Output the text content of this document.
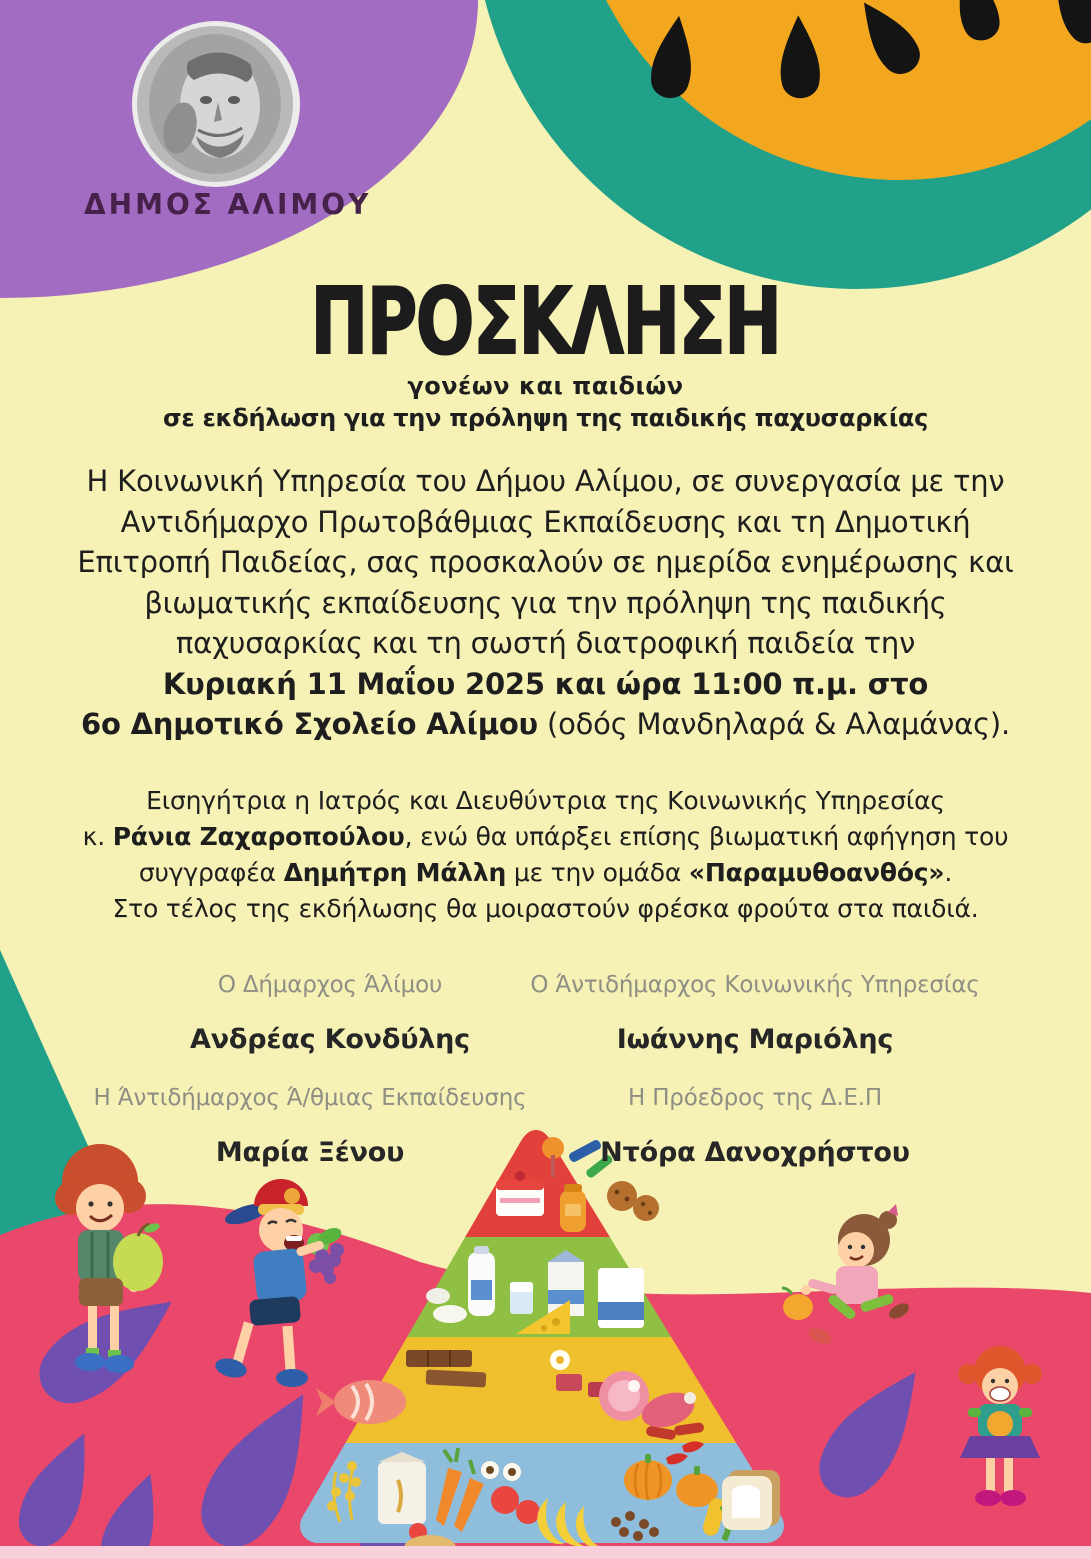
ΔΗΜΟΣ ΑΛΙΜΟΥ
ΠΡΟΣΚΛΗΣΗ
γονέων και παιδιών
σε εκδήλωση για την πρόληψη της παιδικής παχυσαρκίας
Η Κοινωνική Υπηρεσία του Δήμου Αλίμου, σε συνεργασία με την
Αντιδήμαρχο Πρωτοβάθμιας Εκπαίδευσης και τη Δημοτική
Επιτροπή Παιδείας, σας προσκαλούν σε ημερίδα ενημέρωσης και
βιωματικής εκπαίδευσης για την πρόληψη της παιδικής
παχυσαρκίας και τη σωστή διατροφική παιδεία την
Κυριακή 11 Μαΐου 2025 και ώρα 11:00 π.μ. στο
6ο Δημοτικό Σχολείο Αλίμου (οδός Μανδηλαρά & Αλαμάνας).
Εισηγήτρια η Ιατρός και Διευθύντρια της Κοινωνικής Υπηρεσίας
κ. Ράνια Ζαχαροπούλου, ενώ θα υπάρξει επίσης βιωματική αφήγηση του
συγγραφέα Δημήτρη Μάλλη με την ομάδα «Παραμυθοανθός».
Στο τέλος της εκδήλωσης θα μοιραστούν φρέσκα φρούτα στα παιδιά.
Ο Δήμαρχος Άλίμου
Ανδρέας Κονδύλης
Ο Άντιδήμαρχος Κοινωνικής Υπηρεσίας
Ιωάννης Μαριόλης
Η Άντιδήμαρχος Ά/θμιας Εκπαίδευσης
Μαρία Ξένου
Η Πρόεδρος της Δ.Ε.Π
Ντόρα Δανοχρήστου
